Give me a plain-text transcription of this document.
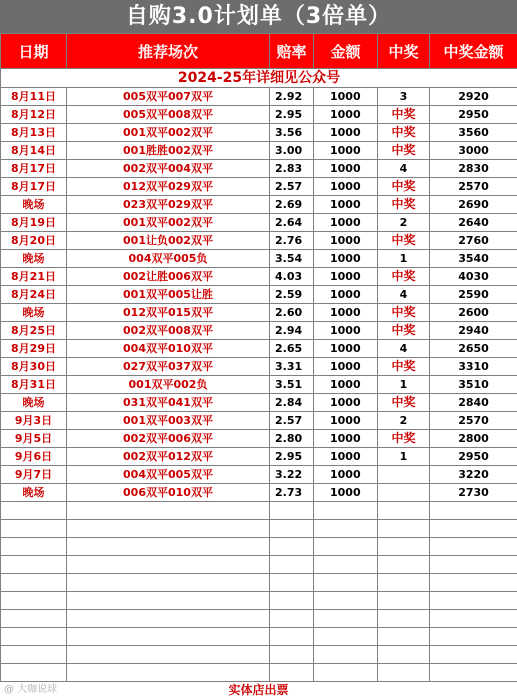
自购3.0计划单（3倍单）
日期	推荐场次	赔率	金额	中奖	中奖金额
2024-25年详细见公众号					
8月11日	005双平007双平	2.92	1000	3	2920
8月12日	005双平008双平	2.95	1000	中奖	2950
8月13日	001双平002双平	3.56	1000	中奖	3560
8月14日	001胜胜002双平	3.00	1000	中奖	3000
8月17日	002双平004双平	2.83	1000	4	2830
8月17日	012双平029双平	2.57	1000	中奖	2570
晚场	023双平029双平	2.69	1000	中奖	2690
8月19日	001双平002双平	2.64	1000	2	2640
8月20日	001让负002双平	2.76	1000	中奖	2760
晚场	004双平005负	3.54	1000	1	3540
8月21日	002让胜006双平	4.03	1000	中奖	4030
8月24日	001双平005让胜	2.59	1000	4	2590
晚场	012双平015双平	2.60	1000	中奖	2600
8月25日	002双平008双平	2.94	1000	中奖	2940
8月29日	004双平010双平	2.65	1000	4	2650
8月30日	027双平037双平	3.31	1000	中奖	3310
8月31日	001双平002负	3.51	1000	1	3510
晚场	031双平041双平	2.84	1000	中奖	2840
9月3日	001双平003双平	2.57	1000	2	2570
9月5日	002双平006双平	2.80	1000	中奖	2800
9月6日	002双平012双平	2.95	1000	1	2950
9月7日	004双平005双平	3.22	1000		3220
晚场	006双平010双平	2.73	1000		2730

@ 大咖说球	实体店出票
